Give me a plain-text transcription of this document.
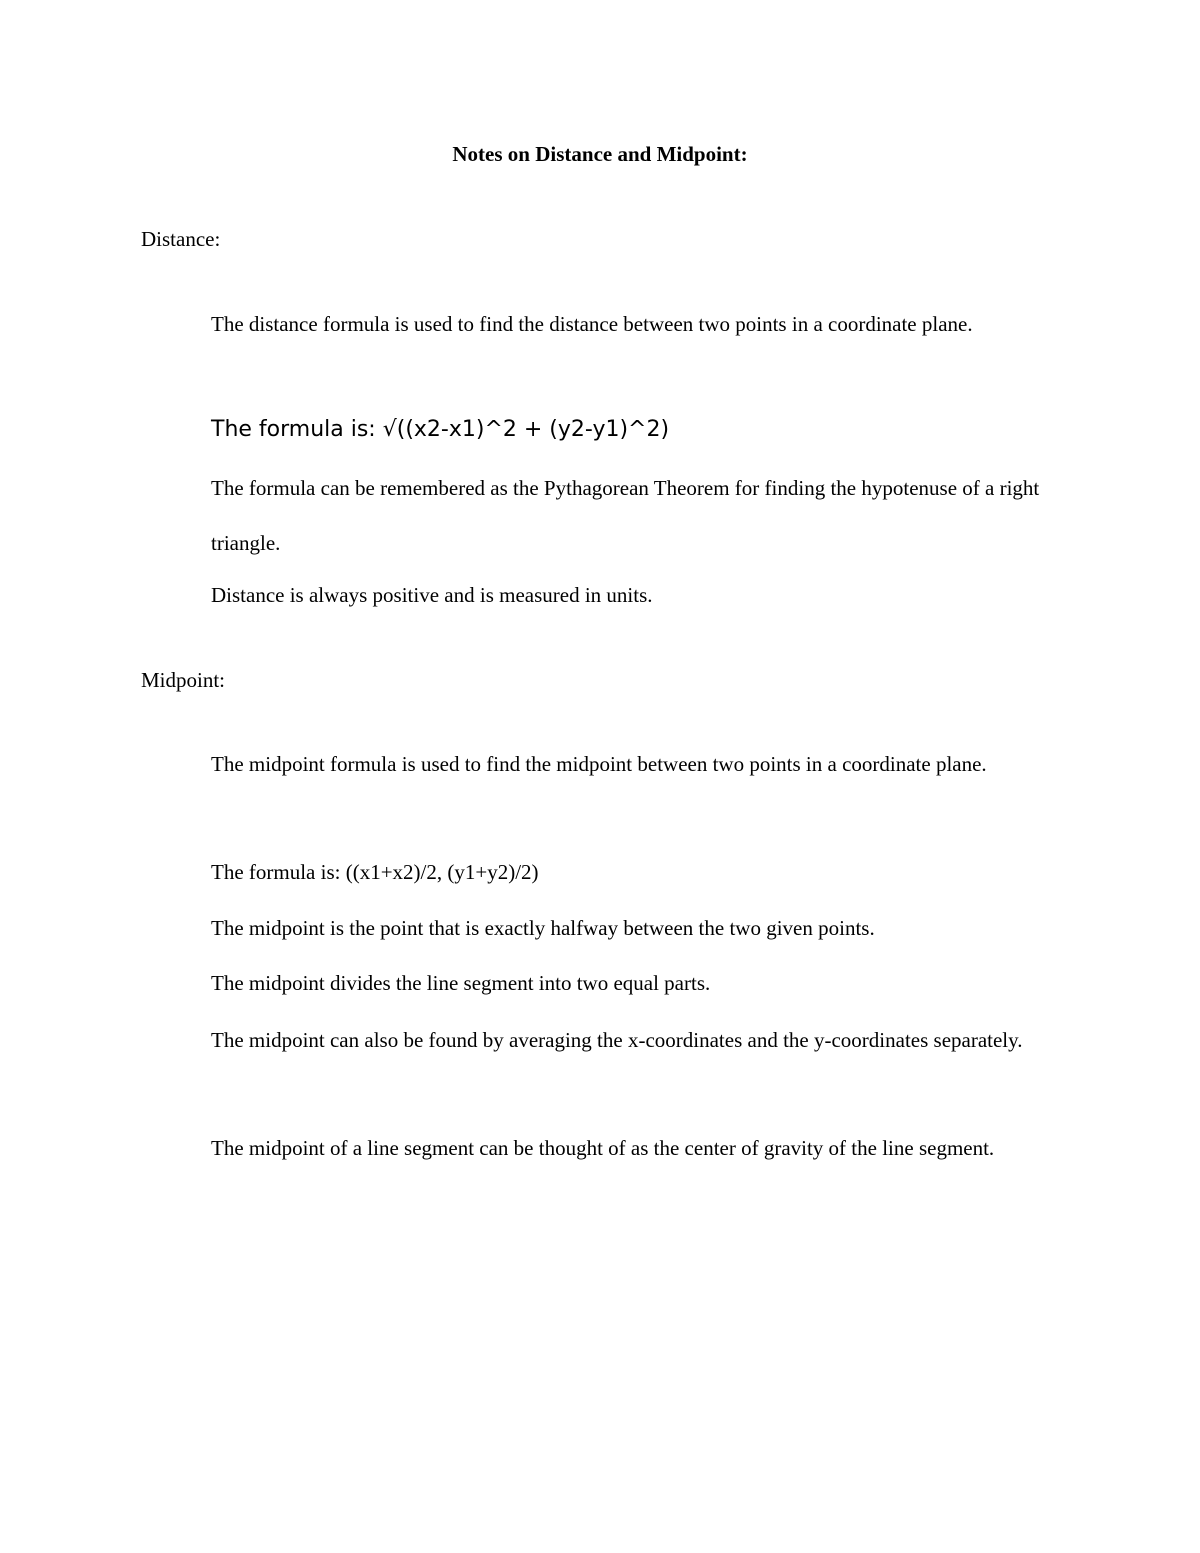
Notes on Distance and Midpoint:
Distance:
The distance formula is used to find the distance between two points in a coordinate plane.
The formula is: √((x2-x1)^2 + (y2-y1)^2)
The formula can be remembered as the Pythagorean Theorem for finding the hypotenuse of a right triangle.
Distance is always positive and is measured in units.
Midpoint:
The midpoint formula is used to find the midpoint between two points in a coordinate plane.
The formula is: ((x1+x2)/2, (y1+y2)/2)
The midpoint is the point that is exactly halfway between the two given points.
The midpoint divides the line segment into two equal parts.
The midpoint can also be found by averaging the x-coordinates and the y-coordinates separately.
The midpoint of a line segment can be thought of as the center of gravity of the line segment.
